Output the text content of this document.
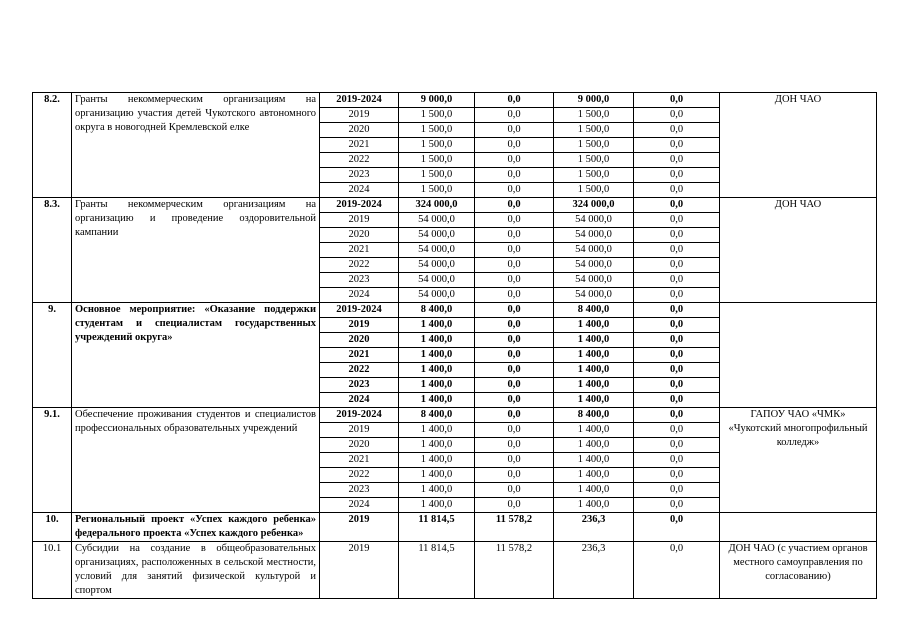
8.2.	Гранты некоммерческим организациям на организацию участия детей Чукотского автономного округа в новогодней Кремлевской елке	2019-2024	9 000,0	0,0	9 000,0	0,0	ДОН ЧАО
		2019	1 500,0	0,0	1 500,0	0,0	
		2020	1 500,0	0,0	1 500,0	0,0	
		2021	1 500,0	0,0	1 500,0	0,0	
		2022	1 500,0	0,0	1 500,0	0,0	
		2023	1 500,0	0,0	1 500,0	0,0	
		2024	1 500,0	0,0	1 500,0	0,0	
8.3.	Гранты некоммерческим организациям на организацию и проведение оздоровительной кампании	2019-2024	324 000,0	0,0	324 000,0	0,0	ДОН ЧАО
		2019	54 000,0	0,0	54 000,0	0,0	
		2020	54 000,0	0,0	54 000,0	0,0	
		2021	54 000,0	0,0	54 000,0	0,0	
		2022	54 000,0	0,0	54 000,0	0,0	
		2023	54 000,0	0,0	54 000,0	0,0	
		2024	54 000,0	0,0	54 000,0	0,0	
9.	Основное мероприятие: «Оказание поддержки студентам и специалистам государственных учреждений округа»	2019-2024	8 400,0	0,0	8 400,0	0,0	
		2019	1 400,0	0,0	1 400,0	0,0	
		2020	1 400,0	0,0	1 400,0	0,0	
		2021	1 400,0	0,0	1 400,0	0,0	
		2022	1 400,0	0,0	1 400,0	0,0	
		2023	1 400,0	0,0	1 400,0	0,0	
		2024	1 400,0	0,0	1 400,0	0,0	
9.1.	Обеспечение проживания студентов и специалистов профессиональных образовательных учреждений	2019-2024	8 400,0	0,0	8 400,0	0,0	ГАПОУ ЧАО «ЧМК» «Чукотский многопрофильный колледж»
		2019	1 400,0	0,0	1 400,0	0,0	
		2020	1 400,0	0,0	1 400,0	0,0	
		2021	1 400,0	0,0	1 400,0	0,0	
		2022	1 400,0	0,0	1 400,0	0,0	
		2023	1 400,0	0,0	1 400,0	0,0	
		2024	1 400,0	0,0	1 400,0	0,0	
10.	Региональный проект «Успех каждого ребенка» федерального проекта «Успех каждого ребенка»	2019	11 814,5	11 578,2	236,3	0,0	
10.1	Субсидии на создание в общеобразовательных организациях, расположенных в сельской местности, условий для занятий физической культурой и спортом	2019	11 814,5	11 578,2	236,3	0,0	ДОН ЧАО (с участием органов местного самоуправления по согласованию)
